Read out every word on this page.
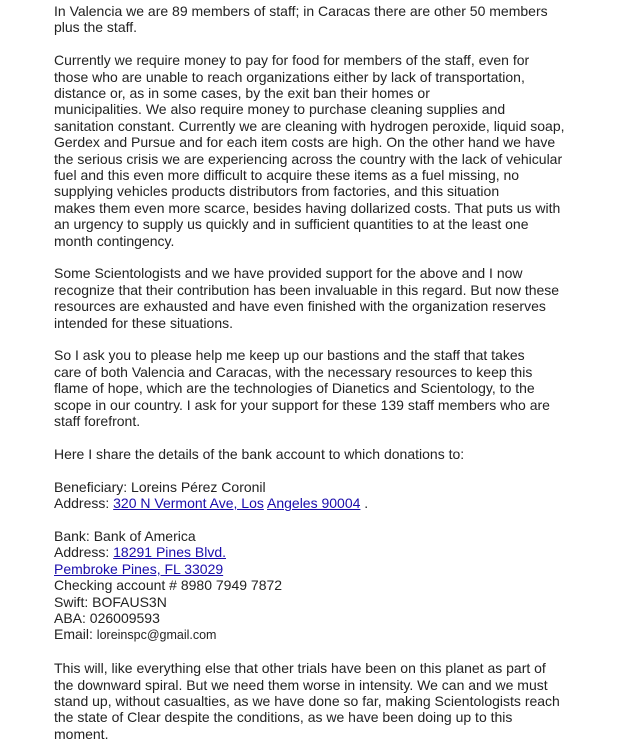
In Valencia we are 89 members of staff; in Caracas there are other 50 members
plus the staff.
Currently we require money to pay for food for members of the staff, even for
those who are unable to reach organizations either by lack of transportation,
distance or, as in some cases, by the exit ban their homes or
municipalities. We also require money to purchase cleaning supplies and
sanitation constant. Currently we are cleaning with hydrogen peroxide, liquid soap,
Gerdex and Pursue and for each item costs are high. On the other hand we have
the serious crisis we are experiencing across the country with the lack of vehicular
fuel and this even more difficult to acquire these items as a fuel missing, no
supplying vehicles products distributors from factories, and this situation
makes them even more scarce, besides having dollarized costs. That puts us with
an urgency to supply us quickly and in sufficient quantities to at the least one
month contingency.
Some Scientologists and we have provided support for the above and I now
recognize that their contribution has been invaluable in this regard. But now these
resources are exhausted and have even finished with the organization reserves
intended for these situations.
So I ask you to please help me keep up our bastions and the staff that takes
care of both Valencia and Caracas, with the necessary resources to keep this
flame of hope, which are the technologies of Dianetics and Scientology, to the
scope in our country. I ask for your support for these 139 staff members who are
staff forefront.
Here I share the details of the bank account to which donations to:
Beneficiary: Loreins Pérez Coronil
Address: 320 N Vermont Ave, Los Angeles 90004 .
Bank: Bank of America
Address: 18291 Pines Blvd.
Pembroke Pines, FL 33029
Checking account # 8980 7949 7872
Swift: BOFAUS3N
ABA: 026009593
Email: loreinspc@gmail.com
This will, like everything else that other trials have been on this planet as part of
the downward spiral. But we need them worse in intensity. We can and we must
stand up, without casualties, as we have done so far, making Scientologists reach
the state of Clear despite the conditions, as we have been doing up to this
moment.
